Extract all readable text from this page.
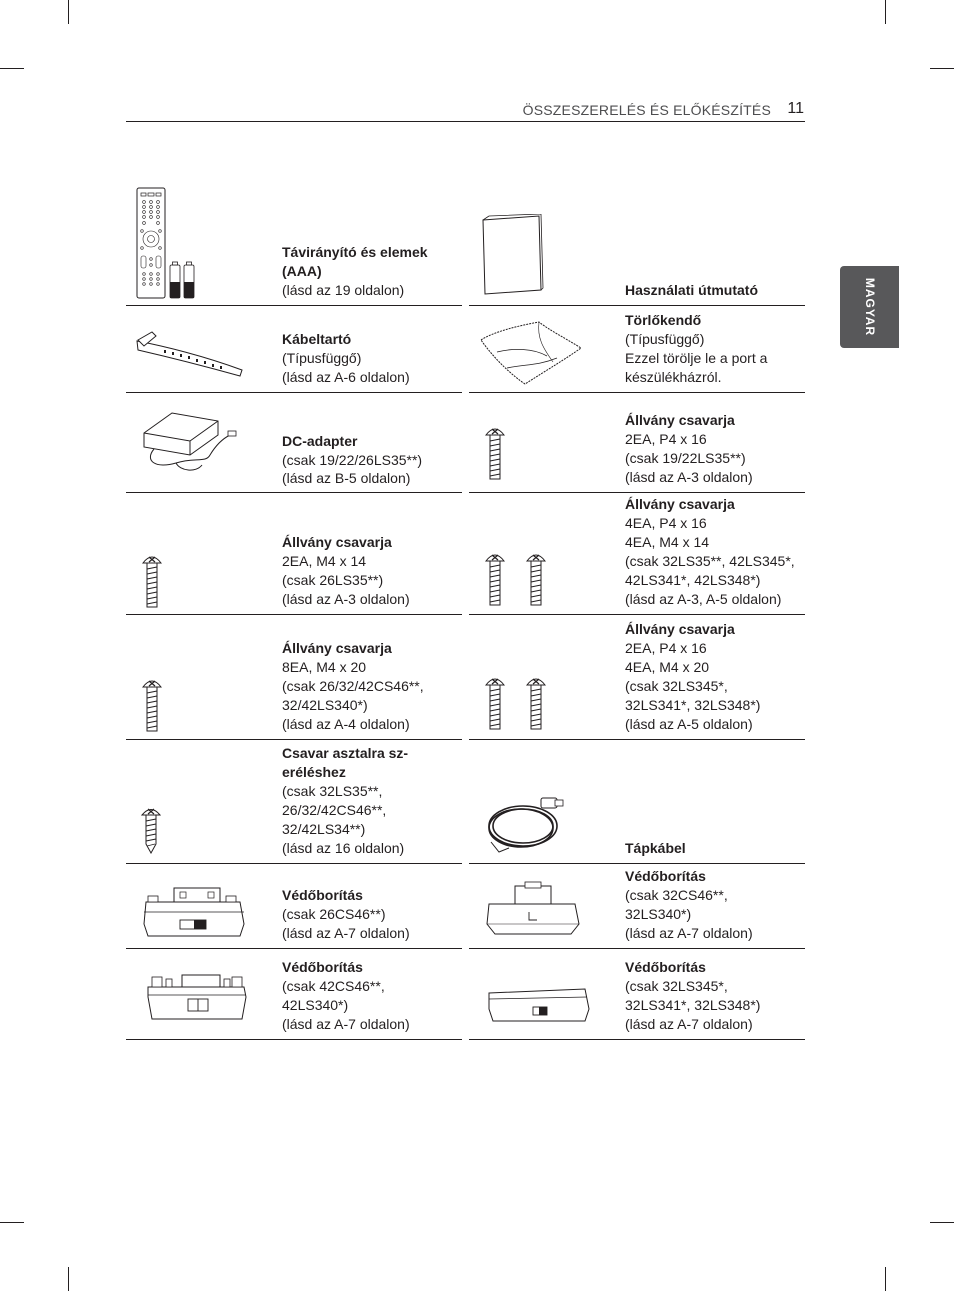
ÖSSZESZERELÉS ÉS ELŐKÉSZÍTÉS 11
MAGYAR
Távirányító és elemek (AAA)
(lásd az 19 oldalon)
Kábeltartó
(Típusfüggő)
(lásd az A-6 oldalon)
DC-adapter
(csak 19/22/26LS35**)
(lásd az B-5 oldalon)
Állvány csavarja
2EA, M4 x 14
(csak 26LS35**)
(lásd az A-3 oldalon)
Állvány csavarja
8EA, M4 x 20
(csak 26/32/42CS46**,
32/42LS340*)
(lásd az A-4 oldalon)
Csavar asztalra sz-eréléshez
(csak 32LS35**,
26/32/42CS46**,
32/42LS34**)
(lásd az 16 oldalon)
Védőborítás
(csak 26CS46**)
(lásd az A-7 oldalon)
Védőborítás
(csak 42CS46**,
42LS340*)
(lásd az A-7 oldalon)
Használati útmutató
Törlőkendő
(Típusfüggő)
Ezzel törölje le a port a
készülékházról.
Állvány csavarja
2EA, P4 x 16
(csak 19/22LS35**)
(lásd az A-3 oldalon)
Állvány csavarja
4EA, P4 x 16
4EA, M4 x 14
(csak 32LS35**, 42LS345*,
42LS341*, 42LS348*)
(lásd az A-3, A-5 oldalon)
Állvány csavarja
2EA, P4 x 16
4EA, M4 x 20
(csak 32LS345*,
32LS341*, 32LS348*)
(lásd az A-5 oldalon)
Tápkábel
Védőborítás
(csak 32CS46**,
32LS340*)
(lásd az A-7 oldalon)
Védőborítás
(csak 32LS345*,
32LS341*, 32LS348*)
(lásd az A-7 oldalon)
